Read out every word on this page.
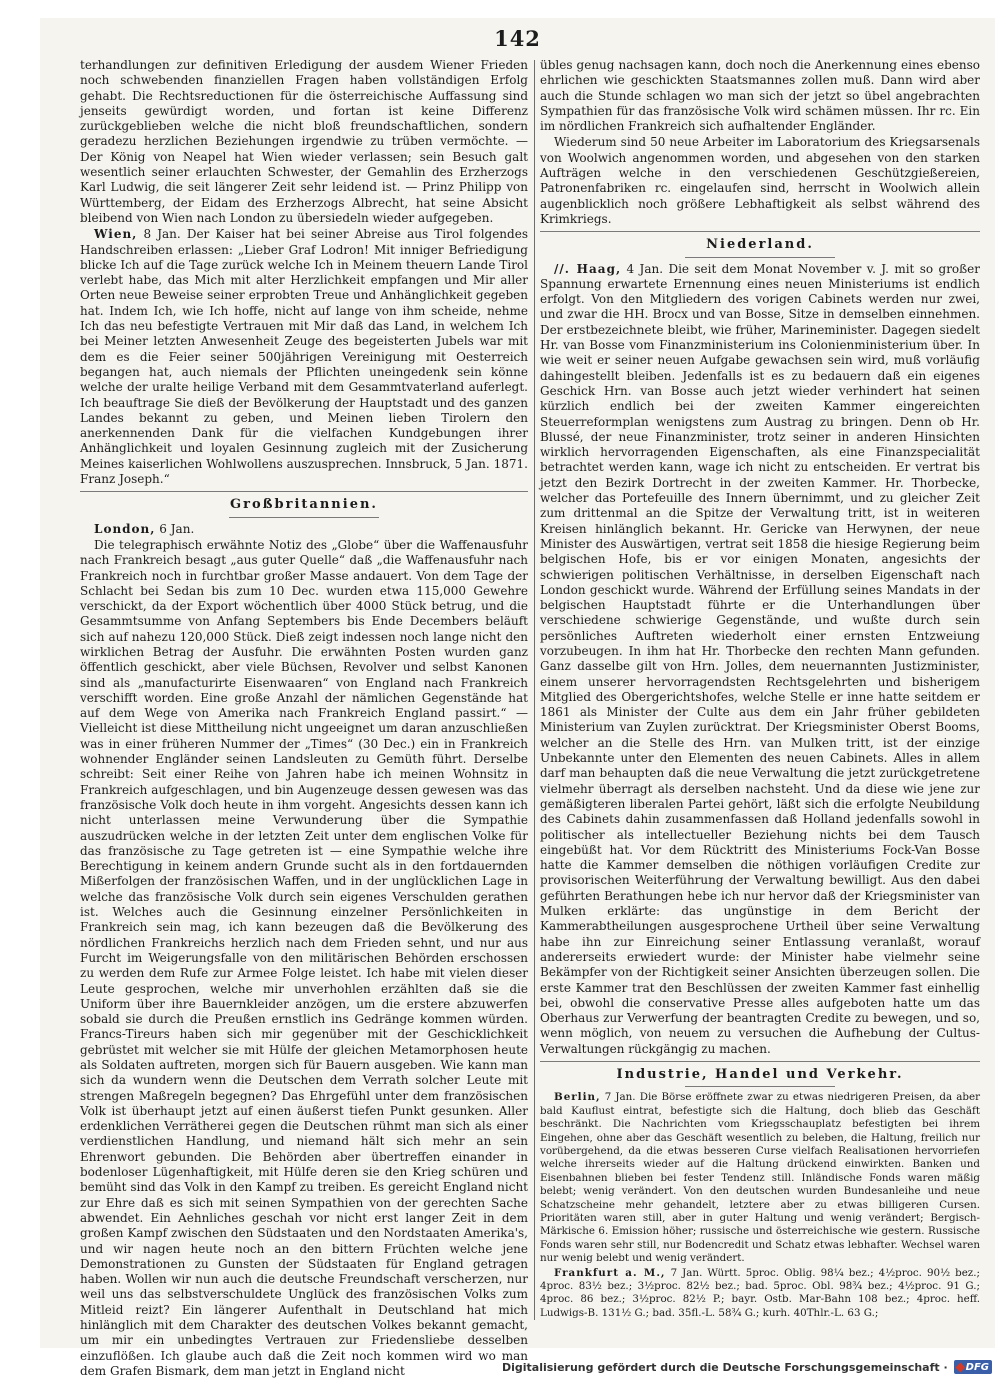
142

terhandlungen zur definitiven Erledigung der ausdem Wiener Frieden noch schwebenden finanziellen Fragen haben vollständigen Erfolg gehabt. Die Rechtsreductionen für die österreichische Auffassung sind jenseits gewürdigt worden, und fortan ist keine Differenz zurückgeblieben welche die nicht bloß freundschaftlichen, sondern geradezu herzlichen Beziehungen irgendwie zu trüben vermöchte. — Der König von Neapel hat Wien wieder verlassen; sein Besuch galt wesentlich seiner erlauchten Schwester, der Gemahlin des Erzherzogs Karl Ludwig, die seit längerer Zeit sehr leidend ist. — Prinz Philipp von Württemberg, der Eidam des Erzherzogs Albrecht, hat seine Absicht bleibend von Wien nach London zu übersiedeln wieder aufgegeben.

Wien, 8 Jan. Der Kaiser hat bei seiner Abreise aus Tirol folgendes Handschreiben erlassen: „Lieber Graf Lodron! Mit inniger Befriedigung blicke Ich auf die Tage zurück welche Ich in Meinem theuern Lande Tirol verlebt habe, das Mich mit alter Herzlichkeit empfangen und Mir aller Orten neue Beweise seiner erprobten Treue und Anhänglichkeit gegeben hat. Indem Ich, wie Ich hoffe, nicht auf lange von ihm scheide, nehme Ich das neu befestigte Vertrauen mit Mir daß das Land, in welchem Ich bei Meiner letzten Anwesenheit Zeuge des begeisterten Jubels war mit dem es die Feier seiner 500jährigen Vereinigung mit Oesterreich begangen hat, auch niemals der Pflichten uneingedenk sein könne welche der uralte heilige Verband mit dem Gesammtvaterland auferlegt. Ich beauftrage Sie dieß der Bevölkerung der Hauptstadt und des ganzen Landes bekannt zu geben, und Meinen lieben Tirolern den anerkennenden Dank für die vielfachen Kundgebungen ihrer Anhänglichkeit und loyalen Gesinnung zugleich mit der Zusicherung Meines kaiserlichen Wohlwollens auszusprechen. Innsbruck, 5 Jan. 1871. Franz Joseph.“

Großbritannien.

London, 6 Jan.

Die telegraphisch erwähnte Notiz des „Globe“ über die Waffenausfuhr nach Frankreich besagt „aus guter Quelle“ daß „die Waffenausfuhr nach Frankreich noch in furchtbar großer Masse andauert. Von dem Tage der Schlacht bei Sedan bis zum 10 Dec. wurden etwa 115,000 Gewehre verschickt, da der Export wöchentlich über 4000 Stück betrug, und die Gesammtsumme von Anfang Septembers bis Ende Decembers beläuft sich auf nahezu 120,000 Stück. Dieß zeigt indessen noch lange nicht den wirklichen Betrag der Ausfuhr. Die erwähnten Posten wurden ganz öffentlich geschickt, aber viele Büchsen, Revolver und selbst Kanonen sind als „manufacturirte Eisenwaaren“ von England nach Frankreich verschifft worden. Eine große Anzahl der nämlichen Gegenstände hat auf dem Wege von Amerika nach Frankreich England passirt.“ — Vielleicht ist diese Mittheilung nicht ungeeignet um daran anzuschließen was in einer früheren Nummer der „Times“ (30 Dec.) ein in Frankreich wohnender Engländer seinen Landsleuten zu Gemüth führt. Derselbe schreibt: Seit einer Reihe von Jahren habe ich meinen Wohnsitz in Frankreich aufgeschlagen, und bin Augenzeuge dessen gewesen was das französische Volk doch heute in ihm vorgeht. Angesichts dessen kann ich nicht unterlassen meine Verwunderung über die Sympathie auszudrücken welche in der letzten Zeit unter dem englischen Volke für das französische zu Tage getreten ist — eine Sympathie welche ihre Berechtigung in keinem andern Grunde sucht als in den fortdauernden Mißerfolgen der französischen Waffen, und in der unglücklichen Lage in welche das französische Volk durch sein eigenes Verschulden gerathen ist. Welches auch die Gesinnung einzelner Persönlichkeiten in Frankreich sein mag, ich kann bezeugen daß die Bevölkerung des nördlichen Frankreichs herzlich nach dem Frieden sehnt, und nur aus Furcht im Weigerungsfalle von den militärischen Behörden erschossen zu werden dem Rufe zur Armee Folge leistet. Ich habe mit vielen dieser Leute gesprochen, welche mir unverhohlen erzählten daß sie die Uniform über ihre Bauernkleider anzögen, um die erstere abzuwerfen sobald sie durch die Preußen ernstlich ins Gedränge kommen würden. Francs-Tireurs haben sich mir gegenüber mit der Geschicklichkeit gebrüstet mit welcher sie mit Hülfe der gleichen Metamorphosen heute als Soldaten auftreten, morgen sich für Bauern ausgeben. Wie kann man sich da wundern wenn die Deutschen dem Verrath solcher Leute mit strengen Maßregeln begegnen? Das Ehrgefühl unter dem französischen Volk ist überhaupt jetzt auf einen äußerst tiefen Punkt gesunken. Aller erdenklichen Verrätherei gegen die Deutschen rühmt man sich als einer verdienstlichen Handlung, und niemand hält sich mehr an sein Ehrenwort gebunden. Die Behörden aber übertreffen einander in bodenloser Lügenhaftigkeit, mit Hülfe deren sie den Krieg schüren und bemüht sind das Volk in den Kampf zu treiben. Es gereicht England nicht zur Ehre daß es sich mit seinen Sympathien von der gerechten Sache abwendet. Ein Aehnliches geschah vor nicht erst langer Zeit in dem großen Kampf zwischen den Südstaaten und den Nordstaaten Amerika's, und wir nagen heute noch an den bittern Früchten welche jene Demonstrationen zu Gunsten der Südstaaten für England getragen haben. Wollen wir nun auch die deutsche Freundschaft verscherzen, nur weil uns das selbstverschuldete Unglück des französischen Volks zum Mitleid reizt? Ein längerer Aufenthalt in Deutschland hat mich hinlänglich mit dem Charakter des deutschen Volkes bekannt gemacht, um mir ein unbedingtes Vertrauen zur Friedensliebe desselben einzuflößen. Ich glaube auch daß die Zeit noch kommen wird wo man dem Grafen Bismark, dem man jetzt in England nicht

übles genug nachsagen kann, doch noch die Anerkennung eines ebenso ehrlichen wie geschickten Staatsmannes zollen muß. Dann wird aber auch die Stunde schlagen wo man sich der jetzt so übel angebrachten Sympathien für das französische Volk wird schämen müssen. Ihr rc. Ein im nördlichen Frankreich sich aufhaltender Engländer.

Wiederum sind 50 neue Arbeiter im Laboratorium des Kriegsarsenals von Woolwich angenommen worden, und abgesehen von den starken Aufträgen welche in den verschiedenen Geschützgießereien, Patronenfabriken rc. eingelaufen sind, herrscht in Woolwich allein augenblicklich noch größere Lebhaftigkeit als selbst während des Krimkriegs.

Niederland.

//. Haag, 4 Jan. Die seit dem Monat November v. J. mit so großer Spannung erwartete Ernennung eines neuen Ministeriums ist endlich erfolgt. Von den Mitgliedern des vorigen Cabinets werden nur zwei, und zwar die HH. Brocx und van Bosse, Sitze in demselben einnehmen. Der erstbezeichnete bleibt, wie früher, Marineminister. Dagegen siedelt Hr. van Bosse vom Finanzministerium ins Colonienministerium über. In wie weit er seiner neuen Aufgabe gewachsen sein wird, muß vorläufig dahingestellt bleiben. Jedenfalls ist es zu bedauern daß ein eigenes Geschick Hrn. van Bosse auch jetzt wieder verhindert hat seinen kürzlich endlich bei der zweiten Kammer eingereichten Steuerreformplan wenigstens zum Austrag zu bringen. Denn ob Hr. Blussé, der neue Finanzminister, trotz seiner in anderen Hinsichten wirklich hervorragenden Eigenschaften, als eine Finanzspecialität betrachtet werden kann, wage ich nicht zu entscheiden. Er vertrat bis jetzt den Bezirk Dortrecht in der zweiten Kammer. Hr. Thorbecke, welcher das Portefeuille des Innern übernimmt, und zu gleicher Zeit zum drittenmal an die Spitze der Verwaltung tritt, ist in weiteren Kreisen hinlänglich bekannt. Hr. Gericke van Herwynen, der neue Minister des Auswärtigen, vertrat seit 1858 die hiesige Regierung beim belgischen Hofe, bis er vor einigen Monaten, angesichts der schwierigen politischen Verhältnisse, in derselben Eigenschaft nach London geschickt wurde. Während der Erfüllung seines Mandats in der belgischen Hauptstadt führte er die Unterhandlungen über verschiedene schwierige Gegenstände, und wußte durch sein persönliches Auftreten wiederholt einer ernsten Entzweiung vorzubeugen. In ihm hat Hr. Thorbecke den rechten Mann gefunden. Ganz dasselbe gilt von Hrn. Jolles, dem neuernannten Justizminister, einem unserer hervorragendsten Rechtsgelehrten und bisherigem Mitglied des Obergerichtshofes, welche Stelle er inne hatte seitdem er 1861 als Minister der Culte aus dem ein Jahr früher gebildeten Ministerium van Zuylen zurücktrat. Der Kriegsminister Oberst Booms, welcher an die Stelle des Hrn. van Mulken tritt, ist der einzige Unbekannte unter den Elementen des neuen Cabinets. Alles in allem darf man behaupten daß die neue Verwaltung die jetzt zurückgetretene vielmehr überragt als derselben nachsteht. Und da diese wie jene zur gemäßigteren liberalen Partei gehört, läßt sich die erfolgte Neubildung des Cabinets dahin zusammenfassen daß Holland jedenfalls sowohl in politischer als intellectueller Beziehung nichts bei dem Tausch eingebüßt hat. Vor dem Rücktritt des Ministeriums Fock-Van Bosse hatte die Kammer demselben die nöthigen vorläufigen Credite zur provisorischen Weiterführung der Verwaltung bewilligt. Aus den dabei geführten Berathungen hebe ich nur hervor daß der Kriegsminister van Mulken erklärte: das ungünstige in dem Bericht der Kammerabtheilungen ausgesprochene Urtheil über seine Verwaltung habe ihn zur Einreichung seiner Entlassung veranlaßt, worauf andererseits erwiedert wurde: der Minister habe vielmehr seine Bekämpfer von der Richtigkeit seiner Ansichten überzeugen sollen. Die erste Kammer trat den Beschlüssen der zweiten Kammer fast einhellig bei, obwohl die conservative Presse alles aufgeboten hatte um das Oberhaus zur Verwerfung der beantragten Credite zu bewegen, und so, wenn möglich, von neuem zu versuchen die Aufhebung der Cultus-Verwaltungen rückgängig zu machen.

Industrie, Handel und Verkehr.

Berlin, 7 Jan. Die Börse eröffnete zwar zu etwas niedrigeren Preisen, da aber bald Kauflust eintrat, befestigte sich die Haltung, doch blieb das Geschäft beschränkt. Die Nachrichten vom Kriegsschauplatz befestigten bei ihrem Eingehen, ohne aber das Geschäft wesentlich zu beleben, die Haltung, freilich nur vorübergehend, da die etwas besseren Curse vielfach Realisationen hervorriefen welche ihrerseits wieder auf die Haltung drückend einwirkten. Banken und Eisenbahnen blieben bei fester Tendenz still. Inländische Fonds waren mäßig belebt; wenig verändert. Von den deutschen wurden Bundesanleihe und neue Schatzscheine mehr gehandelt, letztere aber zu etwas billigeren Cursen. Prioritäten waren still, aber in guter Haltung und wenig verändert; Bergisch-Märkische 6. Emission höher; russische und österreichische wie gestern. Russische Fonds waren sehr still, nur Bodencredit und Schatz etwas lebhafter. Wechsel waren nur wenig belebt und wenig verändert.

Frankfurt a. M., 7 Jan. Württ. 5proc. Oblig. 98¼ bez.; 4½proc. 90½ bez.; 4proc. 83½ bez.; 3½proc. 82½ bez.; bad. 5proc. Obl. 98¾ bez.; 4½proc. 91 G.; 4proc. 86 bez.; 3½proc. 82½ P.; bayr. Ostb. Mar-Bahn 108 bez.; 4proc. heff. Ludwigs-B. 131½ G.; bad. 35fl.-L. 58¾ G.; kurh. 40Thlr.-L. 63 G.;

Digitalisierung gefördert durch die Deutsche Forschungsgemeinschaft · DFG
